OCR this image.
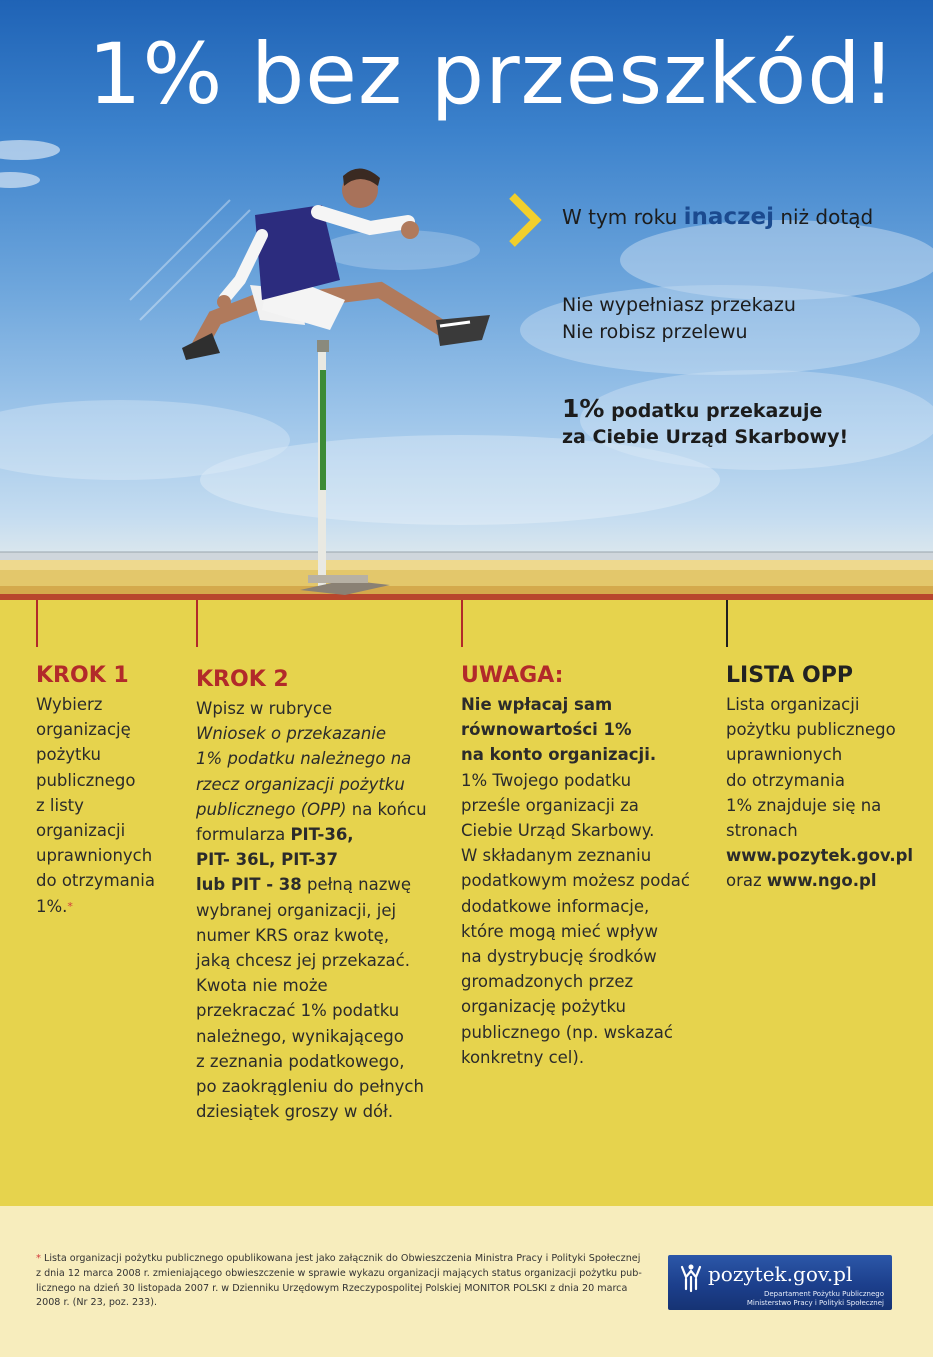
1% bez przeszkód!
W tym roku inaczej niż dotąd
Nie wypełniasz przekazu
Nie robisz przelewu
1% podatku przekazuje
za Ciebie Urząd Skarbowy!
KROK 1

Wybierz

organizację

pożytku

publicznego

z listy

organizacji

uprawnionych

do otrzymania

1%.*

KROK 2

Wpisz w rubryce

Wniosek o przekazanie

1% podatku należnego na

rzecz organizacji pożytku

publicznego (OPP) na końcu

formularza PIT-36,

PIT- 36L, PIT-37

lub PIT - 38 pełną nazwę

wybranej organizacji, jej

numer KRS oraz kwotę,

jaką chcesz jej przekazać.

Kwota nie może

przekraczać 1% podatku

należnego, wynikającego

z zeznania podatkowego,

po zaokrągleniu do pełnych

dziesiątek groszy w dół.

UWAGA:

Nie wpłacaj sam

równowartości 1%

na konto organizacji.

1% Twojego podatku

prześle organizacji za

Ciebie Urząd Skarbowy.

W składanym zeznaniu

podatkowym możesz podać

dodatkowe informacje,

które mogą mieć wpływ

na dystrybucję środków

gromadzonych przez

organizację pożytku

publicznego (np. wskazać

konkretny cel).

LISTA OPP

Lista organizacji

pożytku publicznego

uprawnionych

do otrzymania

1% znajduje się na

stronach

www.pozytek.gov.pl

oraz www.ngo.pl

* Lista organizacji pożytku publicznego opublikowana jest jako załącznik do Obwieszczenia Ministra Pracy i Polityki Społecznej
z dnia 12 marca 2008 r. zmieniającego obwieszczenie w sprawie wykazu organizacji mających status organizacji pożytku pub-
licznego na dzień 30 listopada 2007 r. w Dzienniku Urzędowym Rzeczypospolitej Polskiej MONITOR POLSKI z dnia 20 marca
2008 r. (Nr 23, poz. 233).
pozytek.gov.pl
Departament Pożytku Publicznego
Ministerstwo Pracy i Polityki Społecznej
